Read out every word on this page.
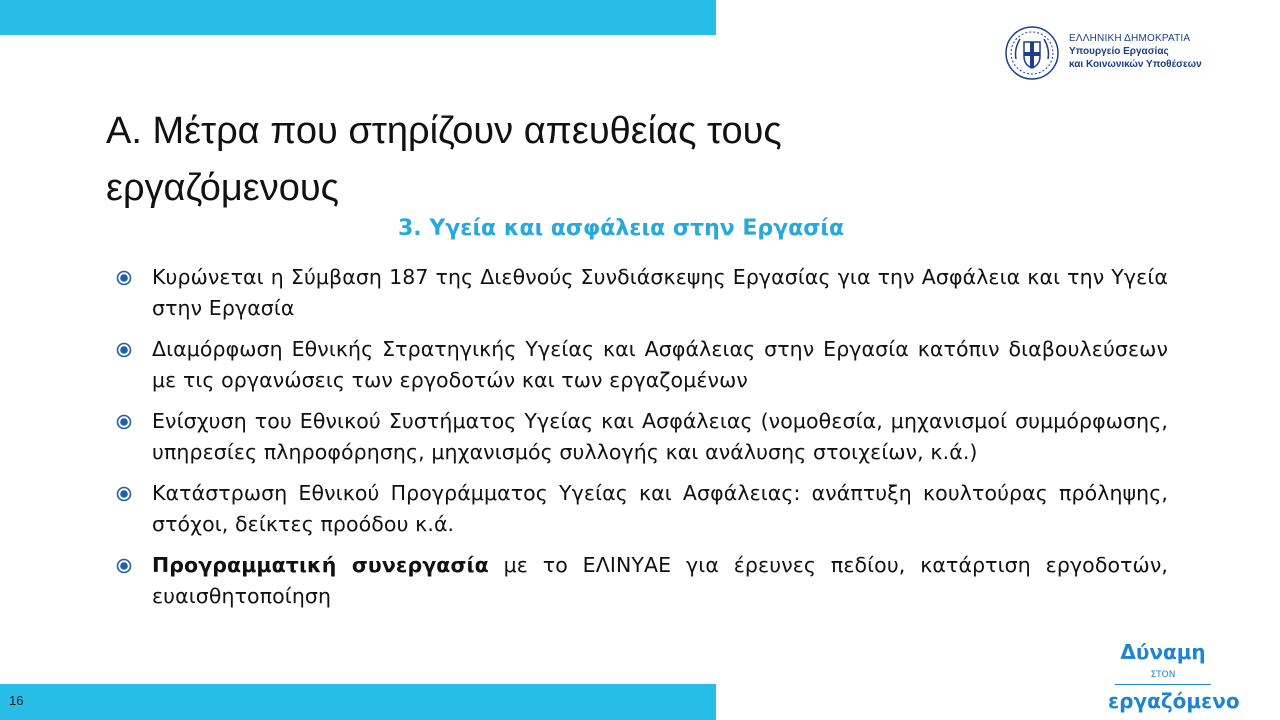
ΕΛΛΗΝΙΚΗ ΔΗΜΟΚΡΑΤΙΑ
Υπουργείο Εργασίας
και Κοινωνικών Υποθέσεων
Α. Μέτρα που στηρίζουν απευθείας τους εργαζόμενους
3. Υγεία και ασφάλεια στην Εργασία
Κυρώνεται η Σύμβαση 187 της Διεθνούς Συνδιάσκεψης Εργασίας για την Ασφάλεια και την Υγεία στην Εργασία
Διαμόρφωση Εθνικής Στρατηγικής Υγείας και Ασφάλειας στην Εργασία κατόπιν διαβουλεύσεων με τις οργανώσεις των εργοδοτών και των εργαζομένων
Ενίσχυση του Εθνικού Συστήματος Υγείας και Ασφάλειας (νομοθεσία, μηχανισμοί συμμόρφωσης, υπηρεσίες πληροφόρησης, μηχανισμός συλλογής και ανάλυσης στοιχείων, κ.ά.)
Κατάστρωση Εθνικού Προγράμματος Υγείας και Ασφάλειας: ανάπτυξη κουλτούρας πρόληψης, στόχοι, δείκτες προόδου κ.ά.
Προγραμματική συνεργασία με το ΕΛΙΝΥΑΕ για έρευνες πεδίου, κατάρτιση εργοδοτών, ευαισθητοποίηση
16
Δύναμη
ΣΤΟΝ
εργαζόμενο
